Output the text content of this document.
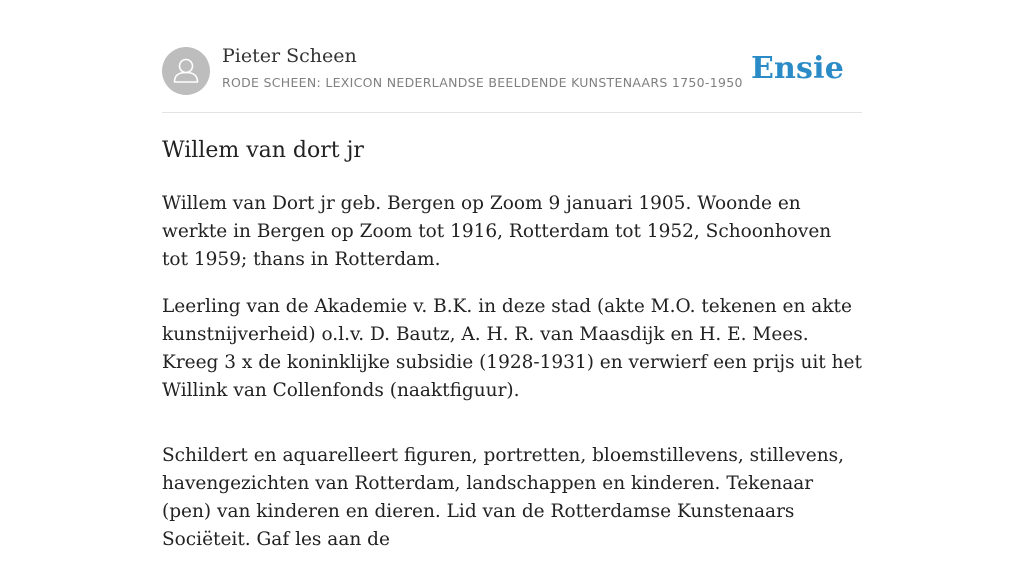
Pieter Scheen
RODE SCHEEN: LEXICON NEDERLANDSE BEELDENDE KUNSTENAARS 1750-1950 Ensie
Willem van dort jr

Willem van Dort jr geb. Bergen op Zoom 9 januari 1905. Woonde en werkte in Bergen op Zoom tot 1916, Rotterdam tot 1952, Schoonhoven tot 1959; thans in Rotterdam.

Leerling van de Akademie v. B.K. in deze stad (akte M.O. tekenen en akte kunstnijverheid) o.l.v. D. Bautz, A. H. R. van Maasdijk en H. E. Mees. Kreeg 3 x de koninklijke subsidie (1928-1931) en verwierf een prijs uit het Willink van Collenfonds (naaktfiguur).

Schildert en aquarelleert figuren, portretten, bloemstillevens, stillevens, havengezichten van Rotterdam, landschappen en kinderen. Tekenaar (pen) van kinderen en dieren. Lid van de Rotterdamse Kunstenaars Sociëteit. Gaf les aan de
